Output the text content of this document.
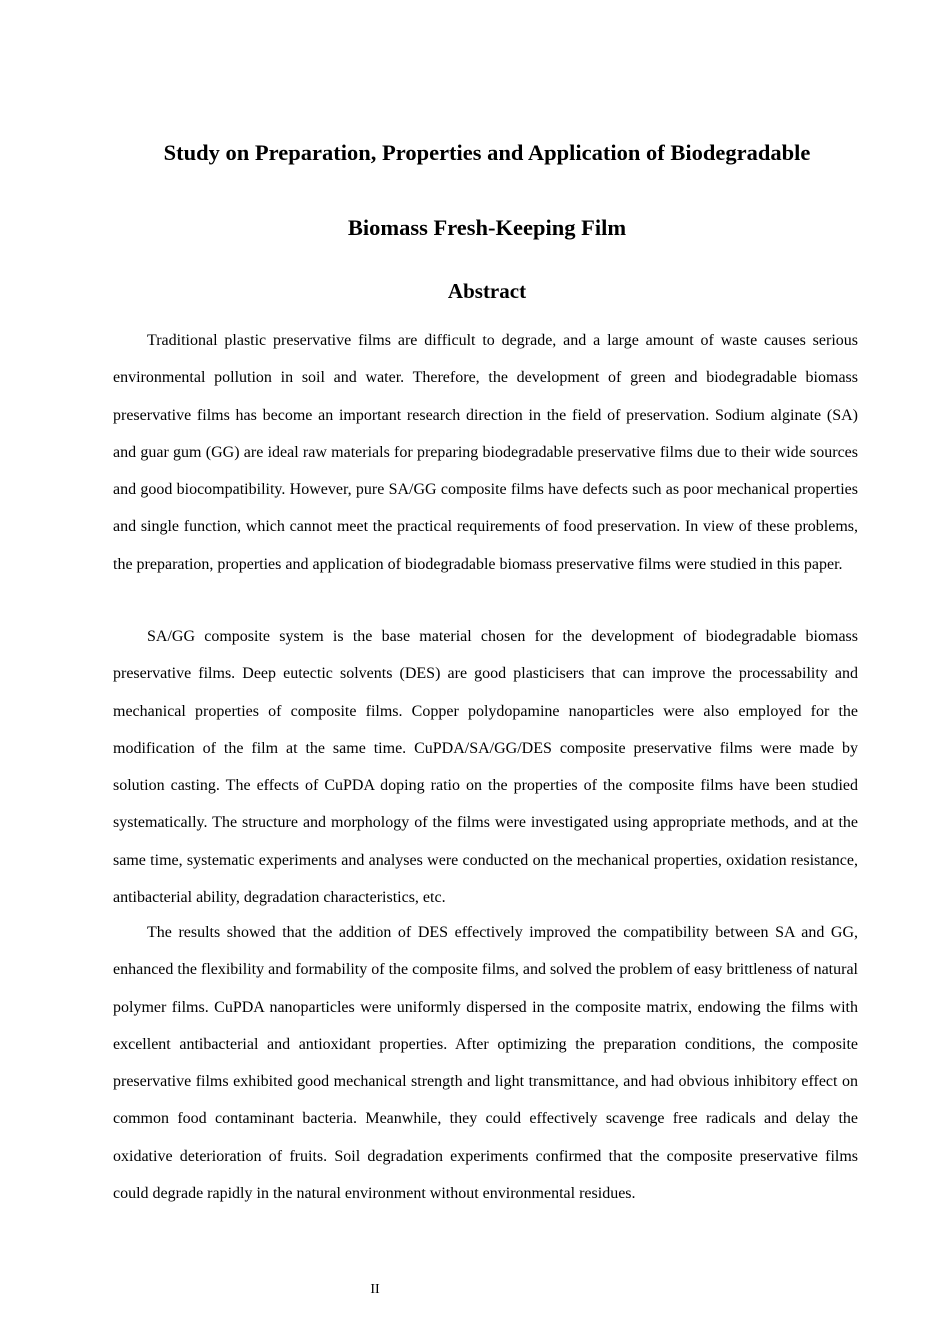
Study on Preparation, Properties and Application of Biodegradable
Biomass Fresh-Keeping Film
Abstract

Traditional plastic preservative films are difficult to degrade, and a large amount of waste causes serious environmental pollution in soil and water. Therefore, the development of green and biodegradable biomass preservative films has become an important research direction in the field of preservation. Sodium alginate (SA) and guar gum (GG) are ideal raw materials for preparing biodegradable preservative films due to their wide sources and good biocompatibility. However, pure SA/GG composite films have defects such as poor mechanical properties and single function, which cannot meet the practical requirements of food preservation. In view of these problems, the preparation, properties and application of biodegradable biomass preservative films were studied in this paper.

SA/GG composite system is the base material chosen for the development of biodegradable biomass preservative films. Deep eutectic solvents (DES) are good plasticisers that can improve the processability and mechanical properties of composite films. Copper polydopamine nanoparticles were also employed for the modification of the film at the same time. CuPDA/SA/GG/DES composite preservative films were made by solution casting. The effects of CuPDA doping ratio on the properties of the composite films have been studied systematically. The structure and morphology of the films were investigated using appropriate methods, and at the same time, systematic experiments and analyses were conducted on the mechanical properties, oxidation resistance, antibacterial ability, degradation characteristics, etc.

The results showed that the addition of DES effectively improved the compatibility between SA and GG, enhanced the flexibility and formability of the composite films, and solved the problem of easy brittleness of natural polymer films. CuPDA nanoparticles were uniformly dispersed in the composite matrix, endowing the films with excellent antibacterial and antioxidant properties. After optimizing the preparation conditions, the composite preservative films exhibited good mechanical strength and light transmittance, and had obvious inhibitory effect on common food contaminant bacteria. Meanwhile, they could effectively scavenge free radicals and delay the oxidative deterioration of fruits. Soil degradation experiments confirmed that the composite preservative films could degrade rapidly in the natural environment without environmental residues.

II
